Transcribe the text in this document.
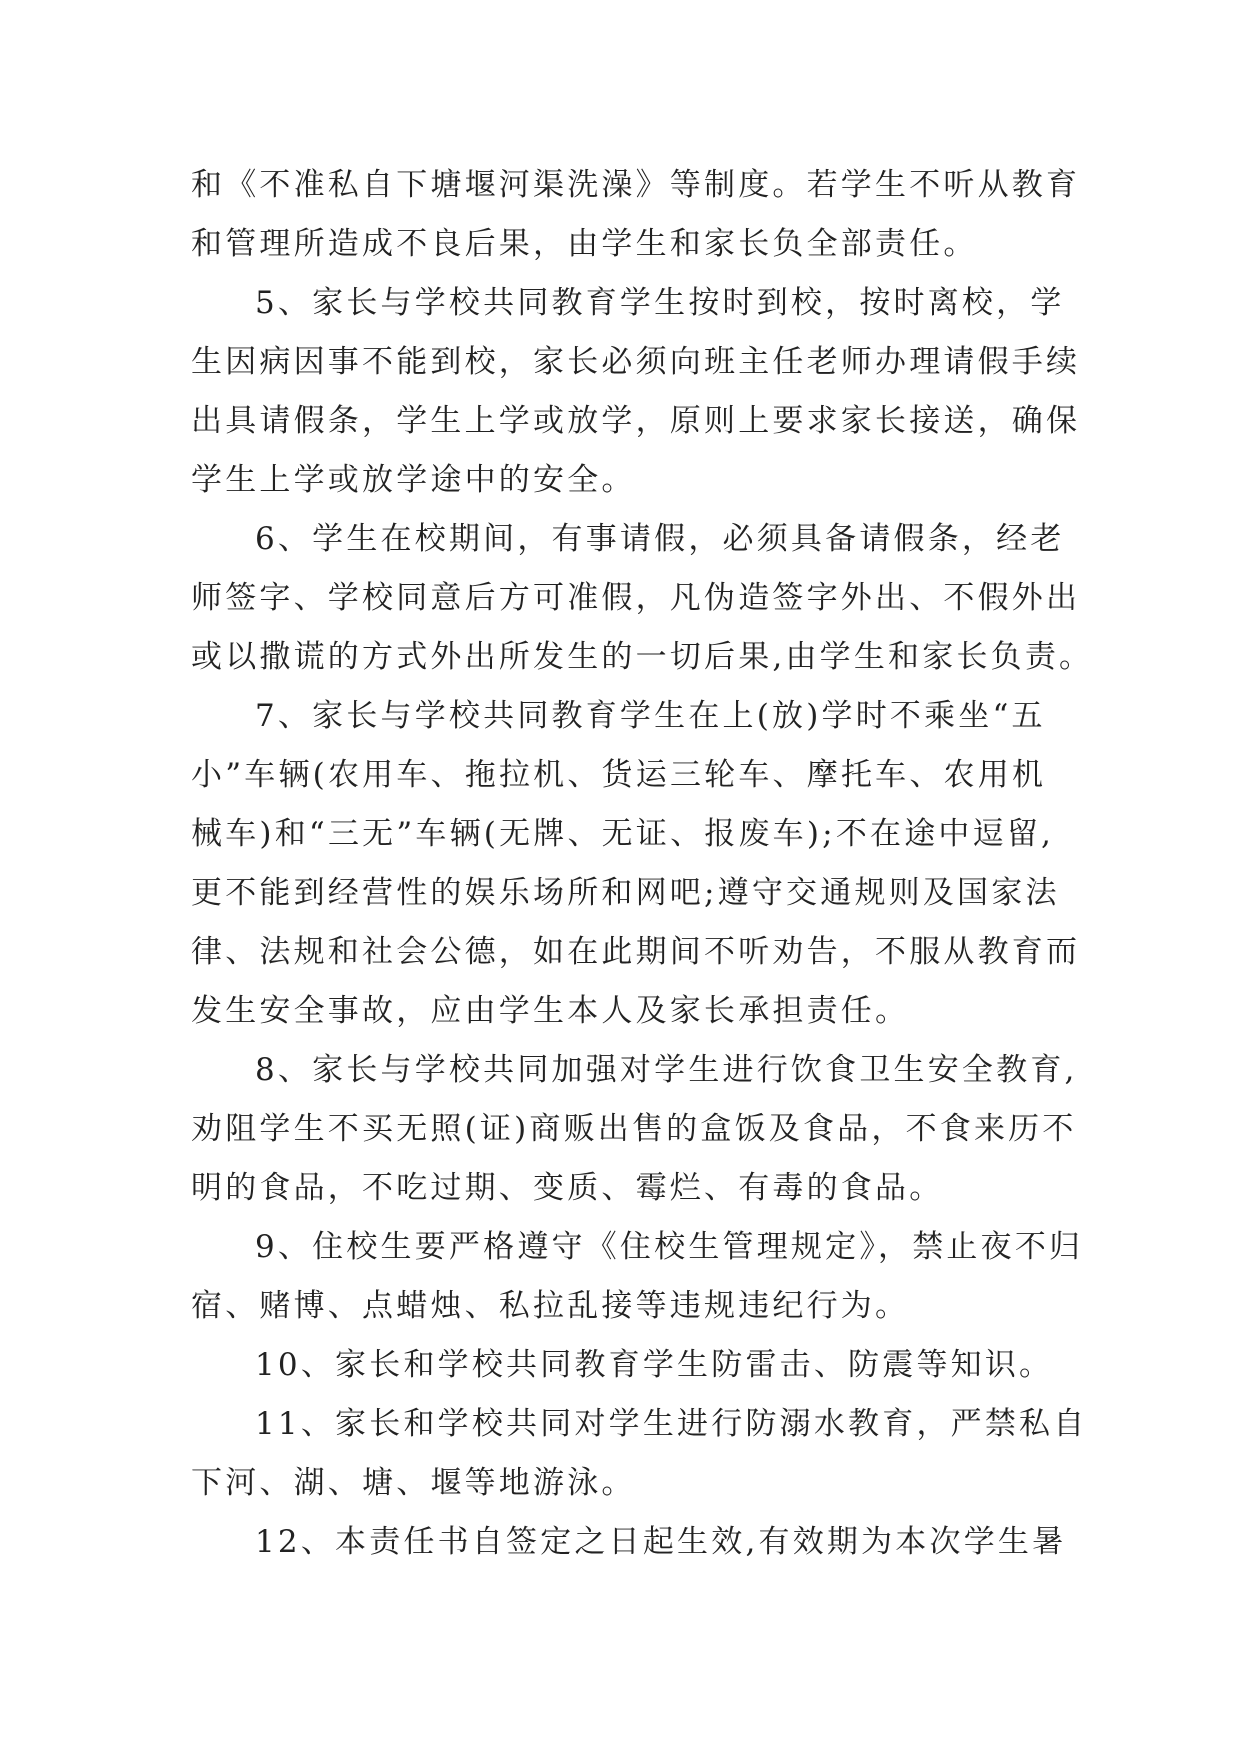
和《不准私自下塘堰河渠洗澡》等制度。若学生不听从教育
和管理所造成不良后果，由学生和家长负全部责任。
5、家长与学校共同教育学生按时到校，按时离校，学
生因病因事不能到校，家长必须向班主任老师办理请假手续
出具请假条，学生上学或放学，原则上要求家长接送，确保
学生上学或放学途中的安全。
6、学生在校期间，有事请假，必须具备请假条，经老
师签字、学校同意后方可准假，凡伪造签字外出、不假外出
或以撒谎的方式外出所发生的一切后果,由学生和家长负责。
7、家长与学校共同教育学生在上(放)学时不乘坐“五
小”车辆(农用车、拖拉机、货运三轮车、摩托车、农用机
械车)和“三无”车辆(无牌、无证、报废车);不在途中逗留,
更不能到经营性的娱乐场所和网吧;遵守交通规则及国家法
律、法规和社会公德，如在此期间不听劝告，不服从教育而
发生安全事故，应由学生本人及家长承担责任。
8、家长与学校共同加强对学生进行饮食卫生安全教育,
劝阻学生不买无照(证)商贩出售的盒饭及食品，不食来历不
明的食品，不吃过期、变质、霉烂、有毒的食品。
9、住校生要严格遵守《住校生管理规定》，禁止夜不归
宿、赌博、点蜡烛、私拉乱接等违规违纪行为。
10、家长和学校共同教育学生防雷击、防震等知识。
11、家长和学校共同对学生进行防溺水教育，严禁私自
下河、湖、塘、堰等地游泳。
12、本责任书自签定之日起生效,有效期为本次学生暑
